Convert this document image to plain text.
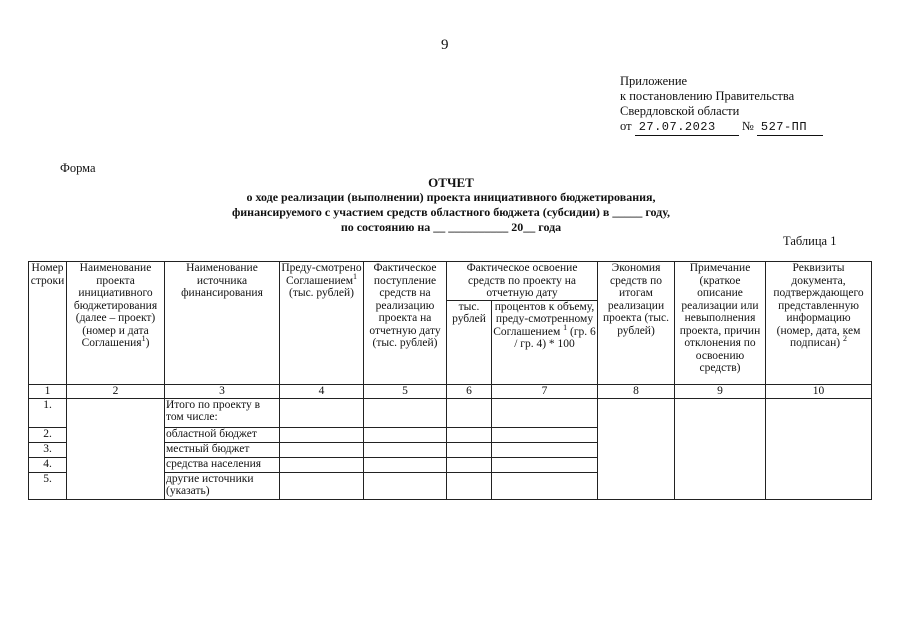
9
Приложение
к постановлению Правительства
Свердловской области
от 27.07.2023 № 527-ПП
Форма
ОТЧЕТ
о ходе реализации (выполнении) проекта инициативного бюджетирования,
финансируемого с участием средств областного бюджета (субсидии) в _____ году,
по состоянию на __ __________ 20__ года
Таблица 1
Номер строки	Наименование проекта инициативного бюджетирования (далее – проект) (номер и дата Соглашения$^1$)	Наименование источника финансирования	Преду-смотрено Соглашением$^1$ (тыс. рублей)	Фактическое поступление средств на реализацию проекта на отчетную дату (тыс. рублей)	Фактическое освоение средств по проекту на отчетную дату		Экономия средств по итогам реализации проекта (тыс. рублей)	Примечание (краткое описание реализации или невыполнения проекта, причин отклонения по освоению средств)	Реквизиты документа, подтверждающего представленную информацию (номер, дата, кем подписан) $^2$
					тыс. рублей	процентов к объему, преду-смотренному Соглашением $^1$ (гр. 6 / гр. 4) * 100			
1	2	3	4	5	6	7	8	9	10
1.		Итого по проекту в том числе:							
2.		областной бюджет							
3.		местный бюджет							
4.		средства населения							
5.		другие источники (указать)							
